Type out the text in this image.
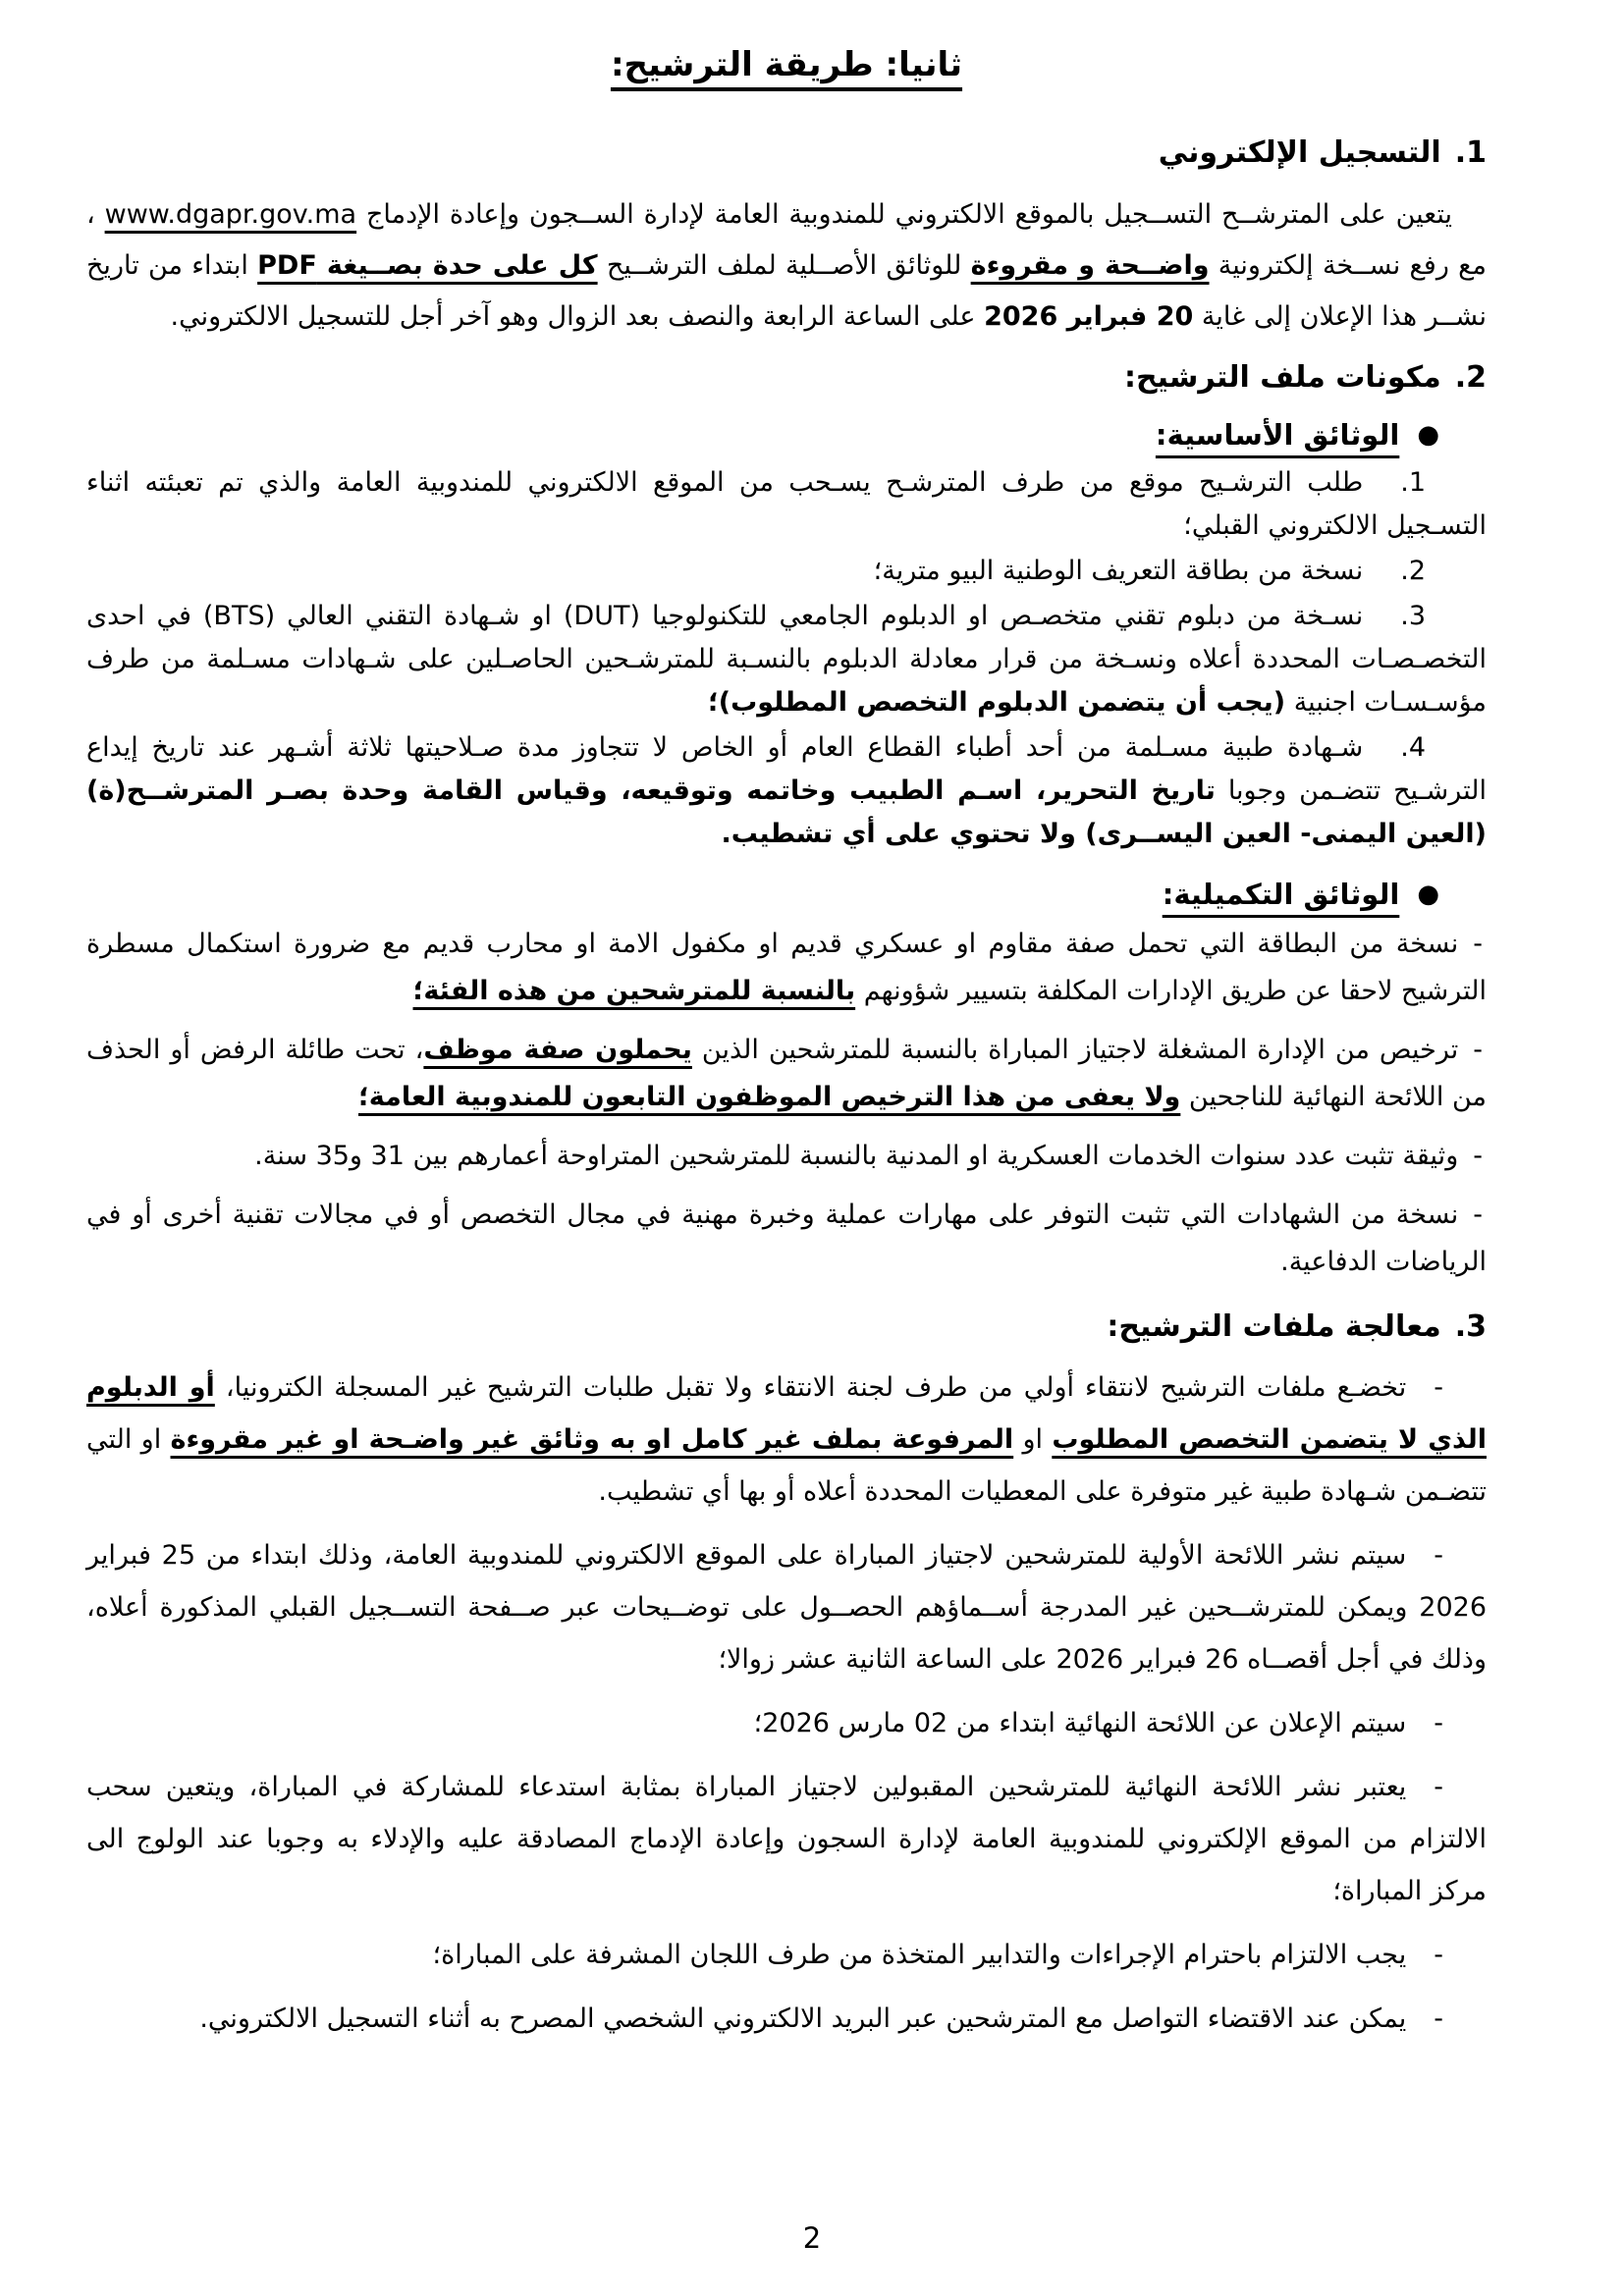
ثانيا: طريقة الترشيح:
1.التسجيل الإلكتروني

يتعين على المترشــح التســجيل بالموقع الالكتروني للمندوبية العامة لإدارة الســجون وإعادة الإدماج www.dgapr.gov.ma ، مع رفع نســخة إلكترونية واضــحة و مقروءة للوثائق الأصــلية لملف الترشــيح كل على حدة بصــيغة PDF ابتداء من تاريخ نشــر هذا الإعلان إلى غاية 20 فبراير 2026 على الساعة الرابعة والنصف بعد الزوال وهو آخر أجل للتسجيل الالكتروني.

2.مكونات ملف الترشيح:
●الوثائق الأساسية:

1.طلب الترشـيح موقع من طرف المترشـح يسـحب من الموقع الالكتروني للمندوبية العامة والذي تم تعبئته اثناء التسـجيل الالكتروني القبلي؛

2.نسخة من بطاقة التعريف الوطنية البيو مترية؛

3.نسـخة من دبلوم تقني متخصـص او الدبلوم الجامعي للتكنولوجيا (DUT) او شـهادة التقني العالي (BTS) في احدى التخصـصـات المحددة أعلاه ونسـخة من قرار معادلة الدبلوم بالنسـبة للمترشـحين الحاصـلين على شـهادات مسـلمة من طرف مؤسـسـات اجنبية (يجب أن يتضمن الدبلوم التخصص المطلوب)؛

4.شـهادة طبية مسـلمة من أحد أطباء القطاع العام أو الخاص لا تتجاوز مدة صـلاحيتها ثلاثة أشـهر عند تاريخ إيداع الترشـيح تتضـمن وجوبا تاريخ التحرير، اسـم الطبيب وخاتمه وتوقيعه، وقياس القامة وحدة بصـر المترشــح(ة) (العين اليمنى- العين اليســرى) ولا تحتوي على أي تشطيب.

●الوثائق التكميلية:

-نسخة من البطاقة التي تحمل صفة مقاوم او عسكري قديم او مكفول الامة او محارب قديم مع ضرورة استكمال مسطرة الترشيح لاحقا عن طريق الإدارات المكلفة بتسيير شؤونهم بالنسبة للمترشحين من هذه الفئة؛

-ترخيص من الإدارة المشغلة لاجتياز المباراة بالنسبة للمترشحين الذين يحملون صفة موظف، تحت طائلة الرفض أو الحذف من اللائحة النهائية للناجحين ولا يعفى من هذا الترخيص الموظفون التابعون للمندوبية العامة؛

-وثيقة تثبت عدد سنوات الخدمات العسكرية او المدنية بالنسبة للمترشحين المتراوحة أعمارهم بين 31 و35 سنة.

-نسخة من الشهادات التي تثبت التوفر على مهارات عملية وخبرة مهنية في مجال التخصص أو في مجالات تقنية أخرى أو في الرياضات الدفاعية.

3.معالجة ملفات الترشيح:

-تخضـع ملفات الترشيح لانتقاء أولي من طرف لجنة الانتقاء ولا تقبل طلبات الترشيح غير المسجلة الكترونيا، أو الدبلوم الذي لا يتضمن التخصص المطلوب او المرفوعة بملف غير كامل او به وثائق غير واضـحة او غير مقروءة او التي تتضـمن شـهادة طبية غير متوفرة على المعطيات المحددة أعلاه أو بها أي تشطيب.

-سيتم نشر اللائحة الأولية للمترشحين لاجتياز المباراة على الموقع الالكتروني للمندوبية العامة، وذلك ابتداء من 25 فبراير 2026 ويمكن للمترشــحين غير المدرجة أســماؤهم الحصــول على توضــيحات عبر صــفحة التســجيل القبلي المذكورة أعلاه، وذلك في أجل أقصــاه 26 فبراير 2026 على الساعة الثانية عشر زوالا؛

-سيتم الإعلان عن اللائحة النهائية ابتداء من 02 مارس 2026؛

-يعتبر نشر اللائحة النهائية للمترشحين المقبولين لاجتياز المباراة بمثابة استدعاء للمشاركة في المباراة، ويتعين سحب الالتزام من الموقع الإلكتروني للمندوبية العامة لإدارة السجون وإعادة الإدماج المصادقة عليه والإدلاء به وجوبا عند الولوج الى مركز المباراة؛

-يجب الالتزام باحترام الإجراءات والتدابير المتخذة من طرف اللجان المشرفة على المباراة؛

-يمكن عند الاقتضاء التواصل مع المترشحين عبر البريد الالكتروني الشخصي المصرح به أثناء التسجيل الالكتروني.

2
